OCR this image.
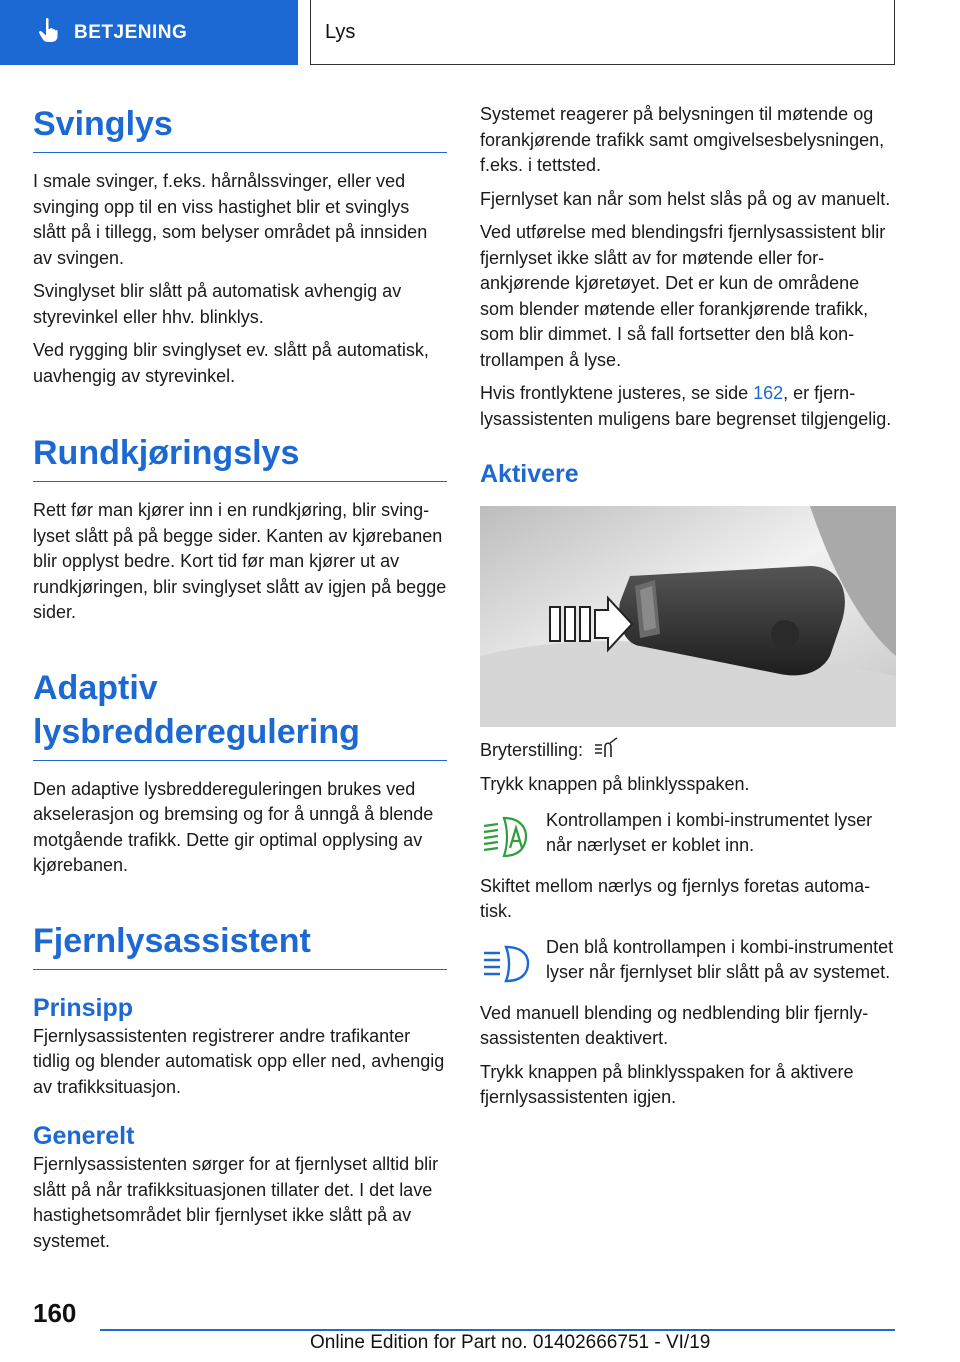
BETJENING	Lys
Svinglys

I smale svinger, f.eks. hårnålssvinger, eller ved svinging opp til en viss hastighet blir et svinglys slått på i tillegg, som belyser området på innsiden av svingen.

Svinglyset blir slått på automatisk avhengig av styrevinkel eller hhv. blinklys.

Ved rygging blir svinglyset ev. slått på automatisk, uavhengig av styrevinkel.

Rundkjøringslys

Rett før man kjører inn i en rundkjøring, blir svinglyset slått på på begge sider. Kanten av kjørebanen blir opplyst bedre. Kort tid før man kjører ut av rundkjøringen, blir svinglyset slått av igjen på begge sider.

Adaptiv
lysbredderegulering

Den adaptive lysbreddereguleringen brukes ved akselerasjon og bremsing og for å unngå å blende motgående trafikk. Dette gir optimal opplysing av kjørebanen.

Fjernlysassistent
Prinsipp

Fjernlysassistenten registrerer andre trafikanter tidlig og blender automatisk opp eller ned, avhengig av trafikksituasjon.

Generelt

Fjernlysassistenten sørger for at fjernlyset alltid blir slått på når trafikksituasjonen tillater det. I det lave hastighetsområdet blir fjernlyset ikke slått på av systemet.

Systemet reagerer på belysningen til møtende og forankjørende trafikk samt omgivelsesbelysningen, f.eks. i tettsted.

Fjernlyset kan når som helst slås på og av manuelt.

Ved utførelse med blendingsfri fjernlysassistent blir fjernlyset ikke slått av for møtende eller forankjørende kjøretøyet. Det er kun de områdene som blender møtende eller forankjørende trafikk, som blir dimmet. I så fall fortsetter den blå kontrollampen å lyse.

Hvis frontlyktene justeres, se side 162, er fjernlysassistenten muligens bare begrenset tilgjengelig.

Aktivere

Bryterstilling:

Trykk knappen på blinklysspaken.

Kontrollampen i kombi-instrumentet lyser når nærlyset er koblet inn.

Skiftet mellom nærlys og fjernlys foretas automatisk.

Den blå kontrollampen i kombi-instrumentet lyser når fjernlyset blir slått på av systemet.

Ved manuell blending og nedblending blir fjernlysassistenten deaktivert.

Trykk knappen på blinklysspaken for å aktivere fjernlysassistenten igjen.

160
Online Edition for Part no. 01402666751 - VI/19
